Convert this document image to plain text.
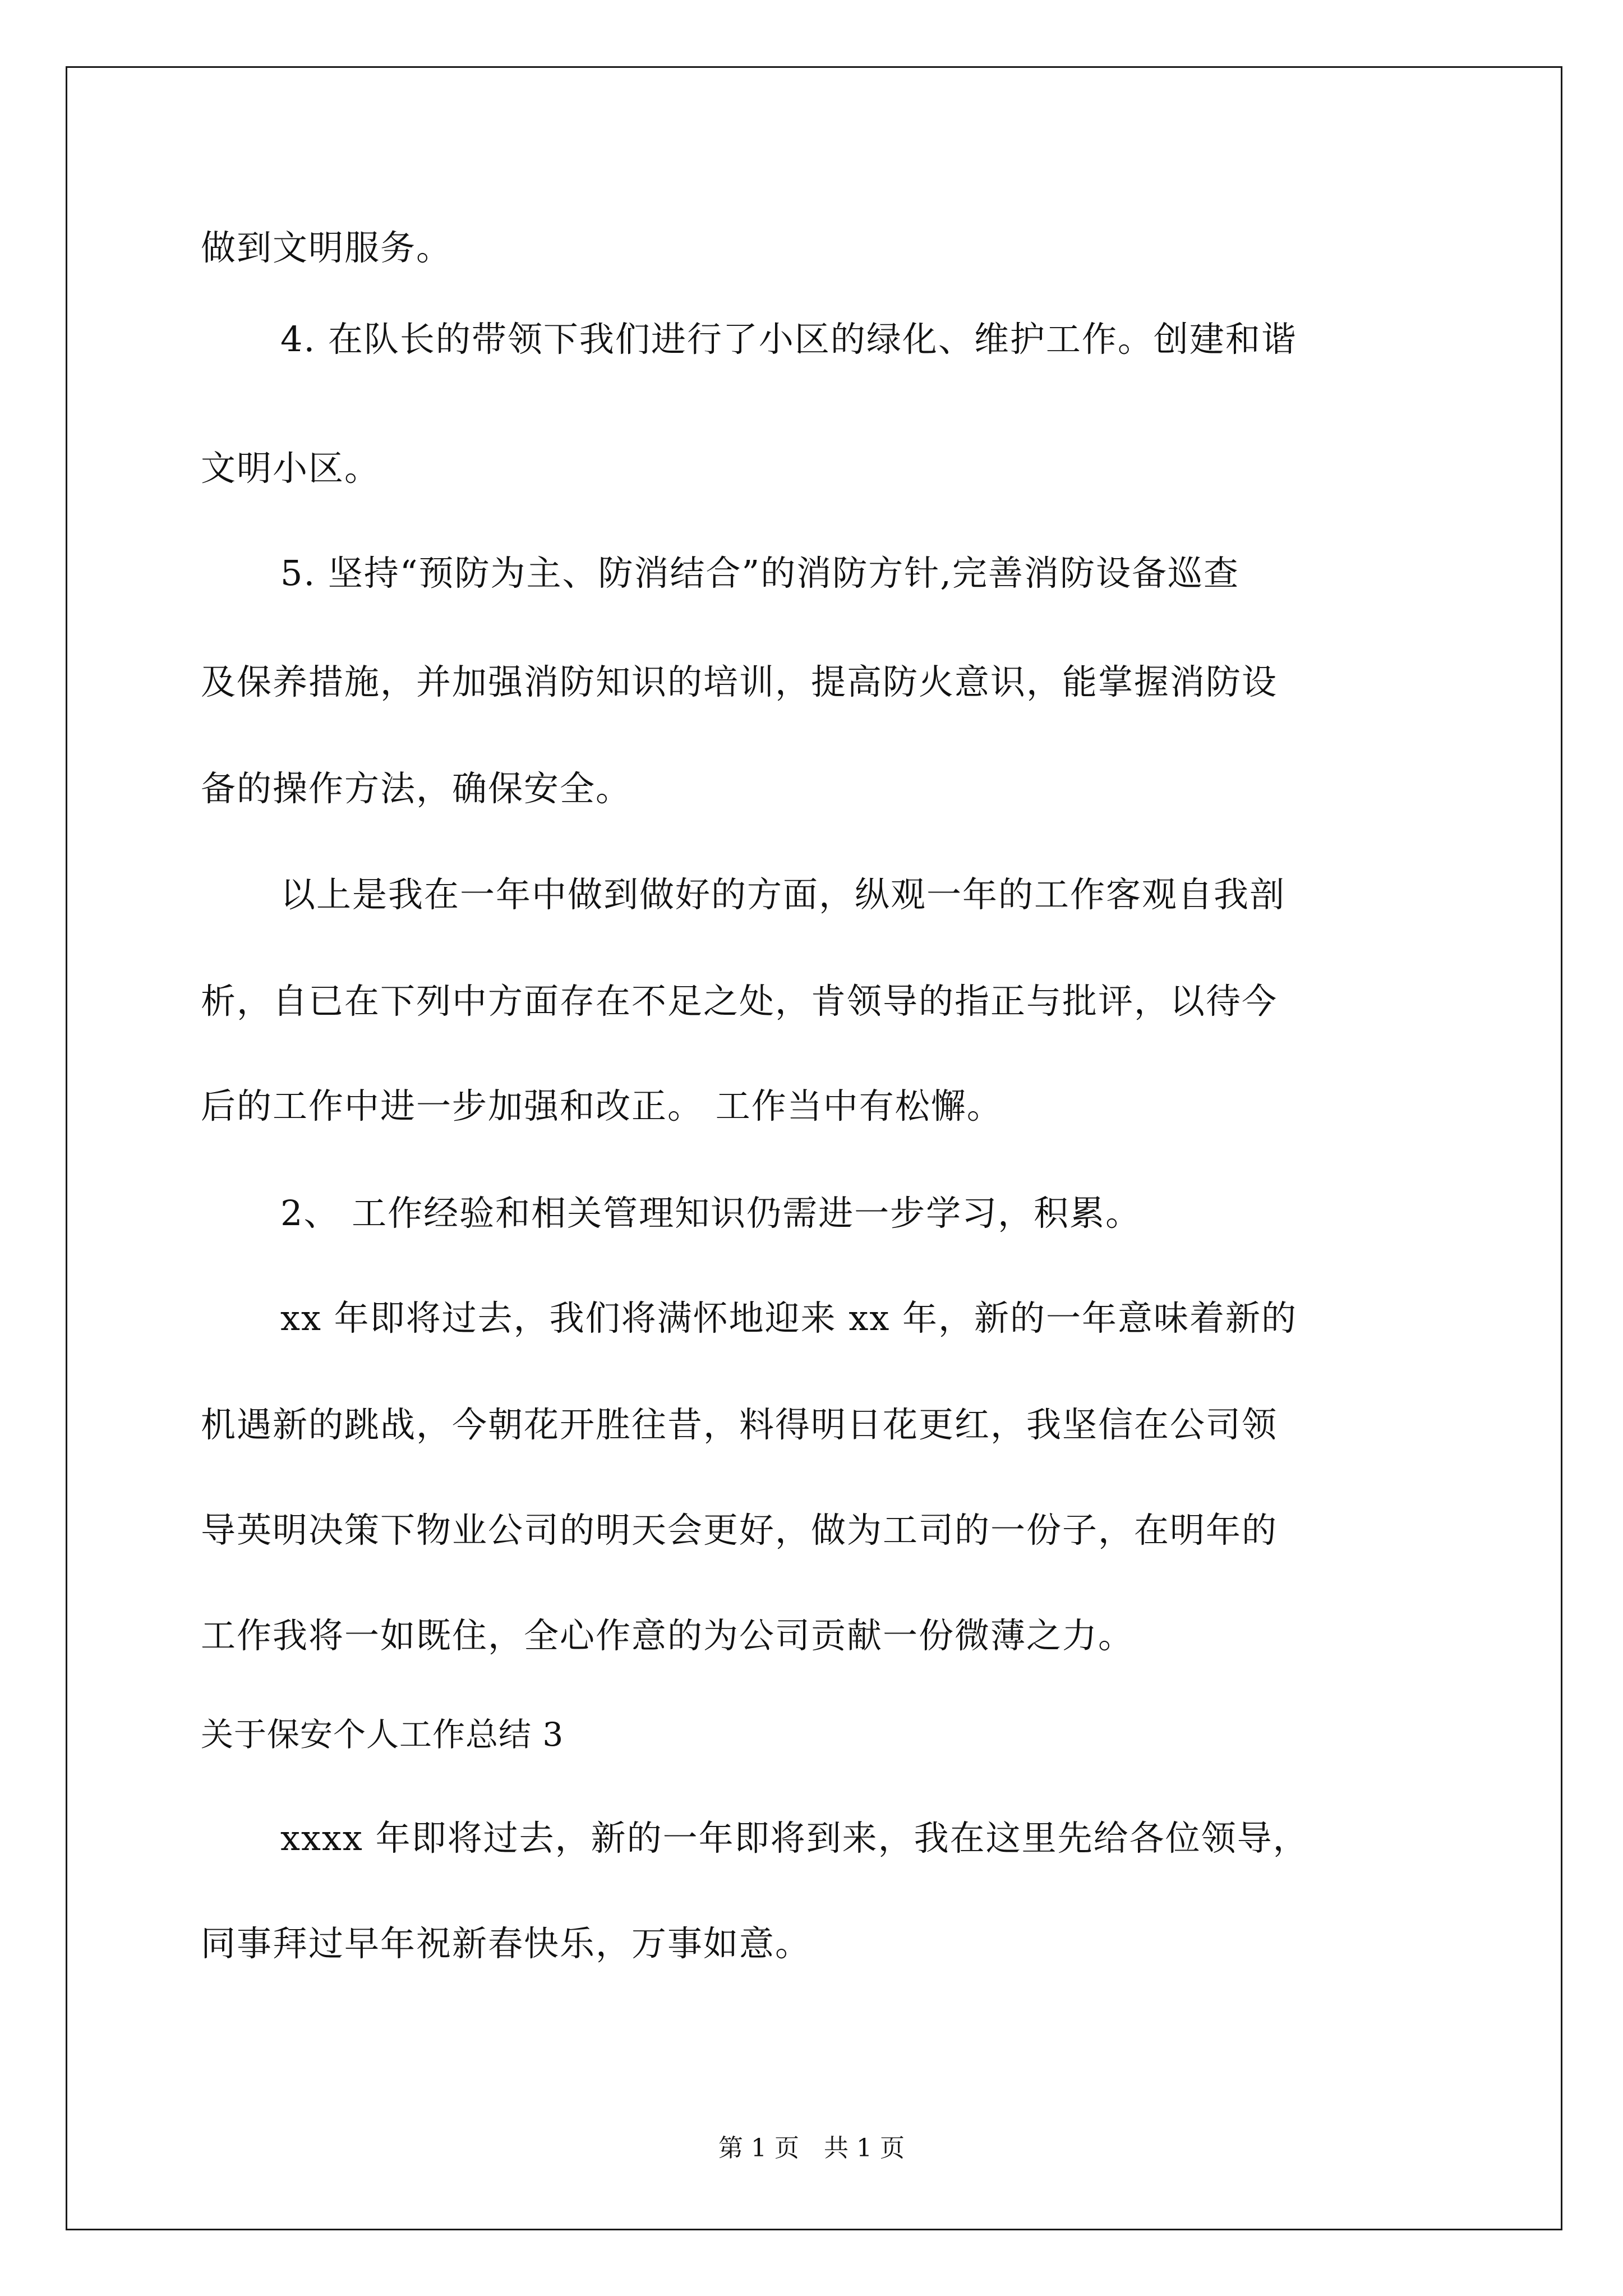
做到文明服务。
4. 在队长的带领下我们进行了小区的绿化、维护工作。创建和谐
文明小区。
5. 坚持“预防为主、防消结合”的消防方针,完善消防设备巡查
及保养措施，并加强消防知识的培训，提高防火意识，能掌握消防设
备的操作方法，确保安全。
以上是我在一年中做到做好的方面，纵观一年的工作客观自我剖
析，自已在下列中方面存在不足之处，肯领导的指正与批评，以待今
后的工作中进一步加强和改正。 工作当中有松懈。
2、 工作经验和相关管理知识仍需进一步学习，积累。
xx 年即将过去，我们将满怀地迎来 xx 年，新的一年意味着新的
机遇新的跳战，今朝花开胜往昔，料得明日花更红，我坚信在公司领
导英明决策下物业公司的明天会更好，做为工司的一份子，在明年的
工作我将一如既住，全心作意的为公司贡献一份微薄之力。
关于保安个人工作总结 3
xxxx 年即将过去，新的一年即将到来，我在这里先给各位领导，
同事拜过早年祝新春快乐，万事如意。
第 1 页　共 1 页
